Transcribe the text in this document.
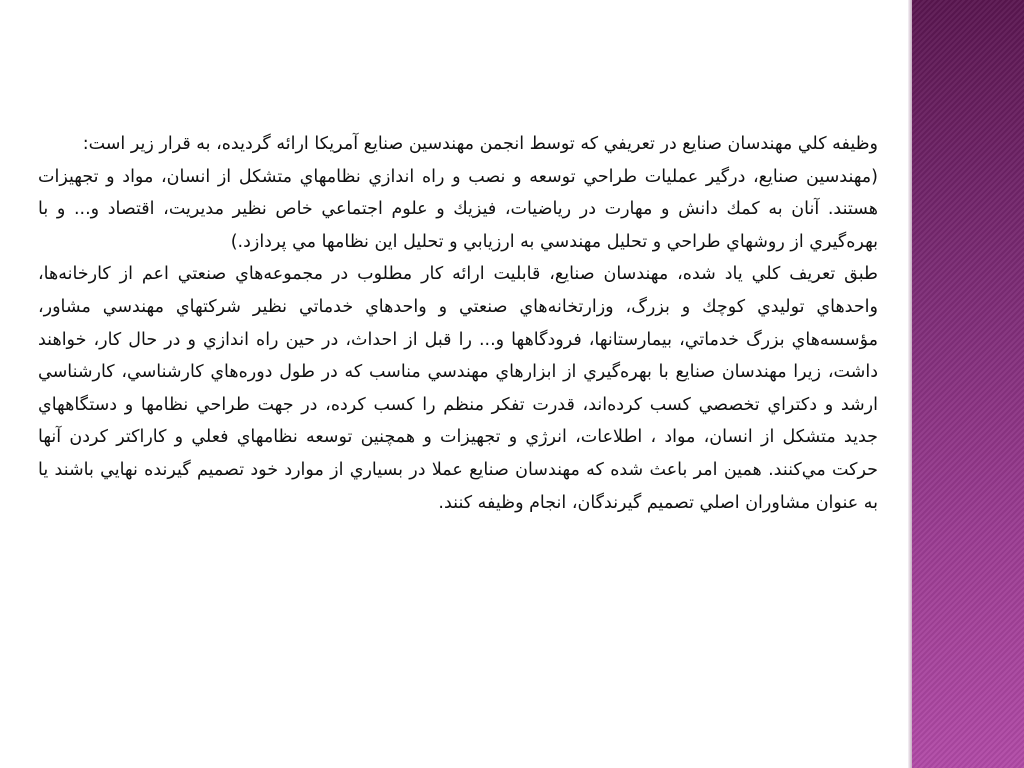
وظيفه كلي مهندسان صنايع در تعريفي كه توسط انجمن مهندسين صنايع آمريكا ارائه گرديده، به قرار زير است:

(مهندسين صنايع، درگير عمليات طراحي توسعه و نصب و راه اندازي نظامهاي متشكل از انسان، مواد و تجهيزات هستند. آنان به كمك دانش و مهارت در رياضيات، فيزيك و علوم اجتماعي خاص نظير مديريت، اقتصاد و... و با بهره‌گيري از روشهاي طراحي و تحليل مهندسي به ارزيابي و تحليل اين نظامها مي پردازد.)

طبق تعريف كلي ياد شده، مهندسان صنايع، قابليت ارائه كار مطلوب در مجموعه‌هاي صنعتي اعم از كارخانه‌ها، واحدهاي توليدي كوچك و بزرگ، وزارتخانه‌هاي صنعتي و واحدهاي خدماتي نظير شركتهاي مهندسي مشاور، مؤسسه‌هاي بزرگ خدماتي، بيمارستانها، فرودگاهها و... را قبل از احداث، در حين راه اندازي و در حال كار، خواهند داشت، زيرا مهندسان صنايع با بهره‌گيري از ابزارهاي مهندسي مناسب كه در طول دوره‌هاي كارشناسي، كارشناسي ارشد و دكتراي تخصصي كسب كرده‌اند، قدرت تفكر منظم را كسب كرده، در جهت طراحي نظامها و دستگاههاي جديد متشكل از انسان، مواد ، اطلاعات، انرژي و تجهيزات و همچنين توسعه نظامهاي فعلي و كاراكتر كردن آنها حركت مي‌كنند. همين امر باعث شده كه مهندسان صنايع عملا در بسياري از موارد خود تصميم گيرنده نهايي باشند يا به عنوان مشاوران اصلي تصميم گيرندگان، انجام وظيفه كنند.
